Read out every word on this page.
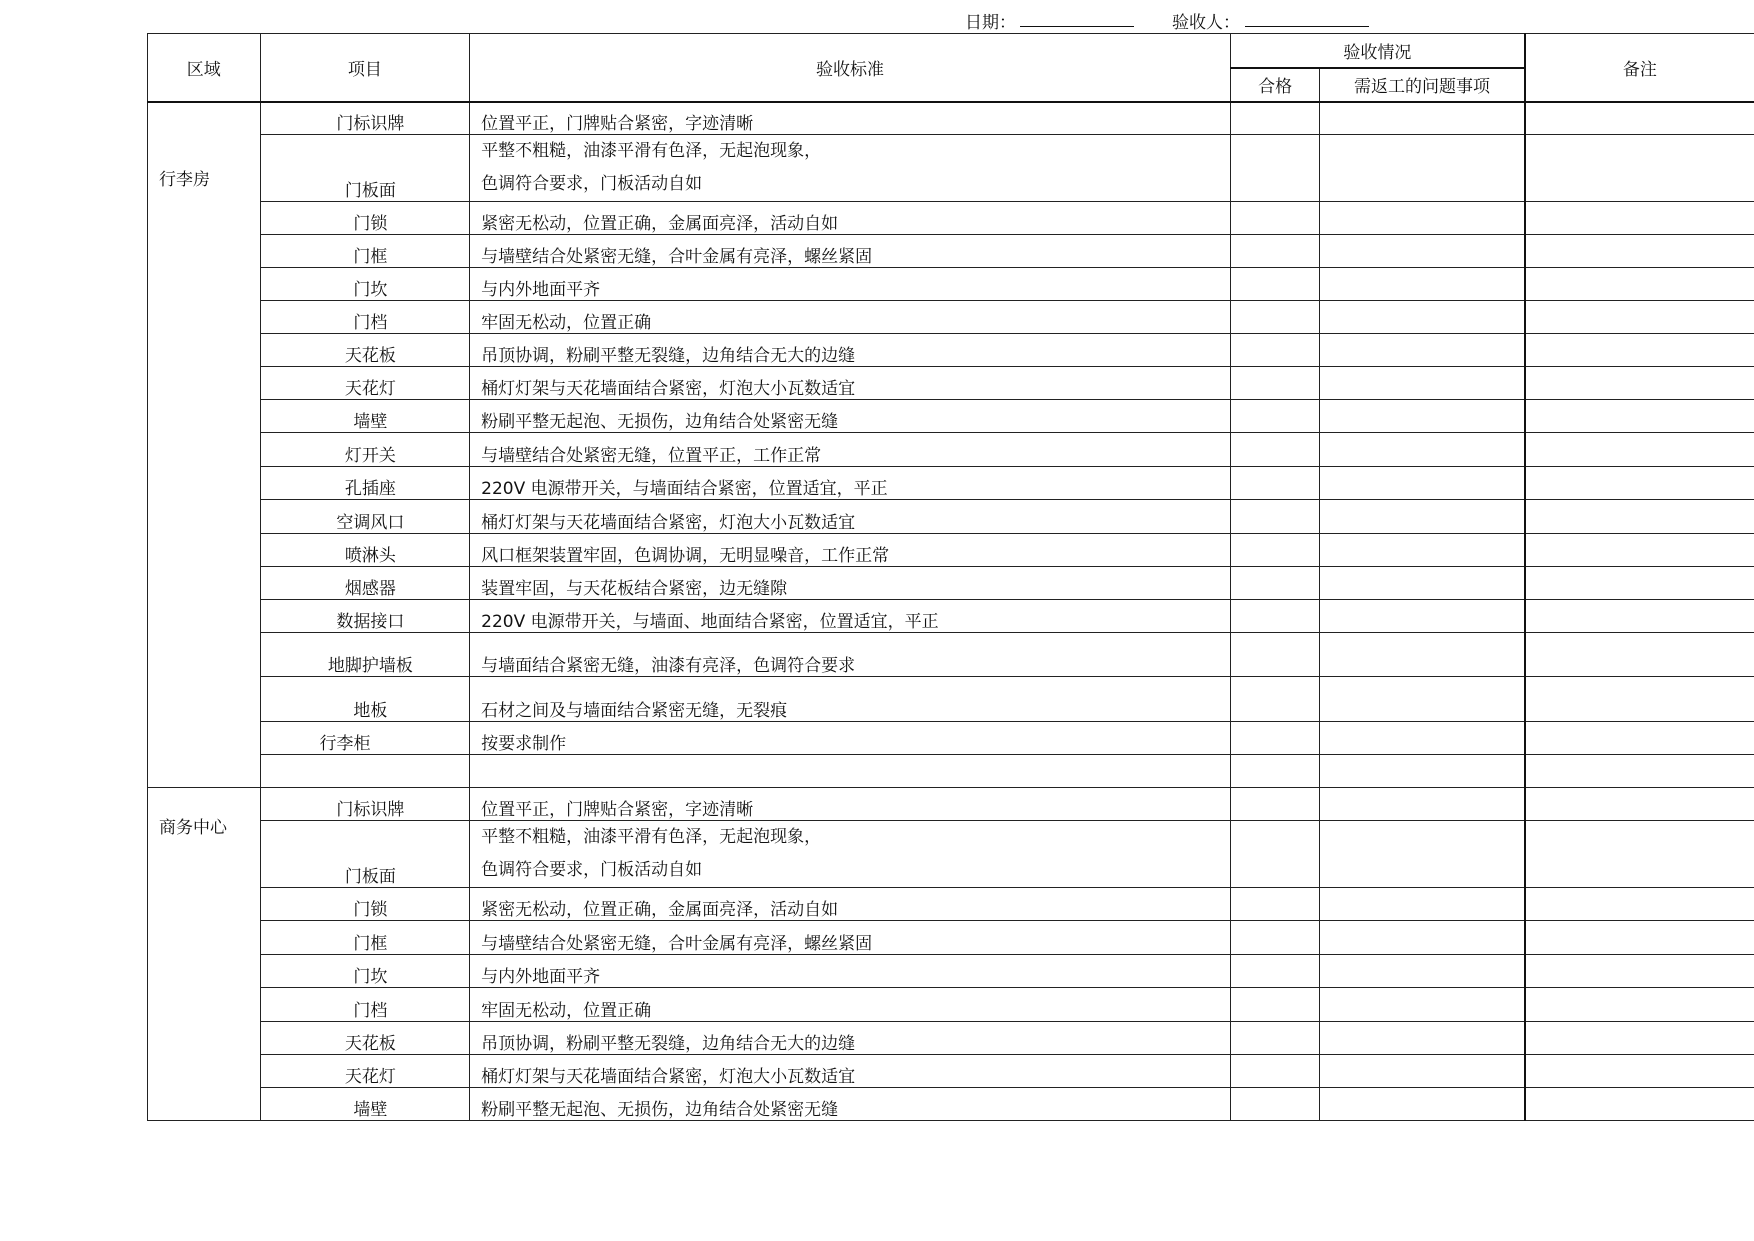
日期：	验收人：
区域	项目	验收标准	验收情况		备注
			合格	需返工的问题事项	
行李房	门标识牌	位置平正，门牌贴合紧密，字迹清晰			

	门板面	平整不粗糙，油漆平滑有色泽，无起泡现象，
色调符合要求，门板活动自如			

	门锁	紧密无松动，位置正确，金属面亮泽，活动自如			

	门框	与墙壁结合处紧密无缝，合叶金属有亮泽，螺丝紧固			

	门坎	与内外地面平齐			

	门档	牢固无松动，位置正确			

	天花板	吊顶协调，粉刷平整无裂缝，边角结合无大的边缝			

	天花灯	桶灯灯架与天花墙面结合紧密，灯泡大小瓦数适宜			

	墙壁	粉刷平整无起泡、无损伤，边角结合处紧密无缝			

	灯开关	与墙壁结合处紧密无缝，位置平正，工作正常			

	孔插座	220V 电源带开关，与墙面结合紧密，位置适宜，平正			

	空调风口	桶灯灯架与天花墙面结合紧密，灯泡大小瓦数适宜			

	喷淋头	风口框架装置牢固，色调协调，无明显噪音，工作正常			

	烟感器	装置牢固，与天花板结合紧密，边无缝隙			

	数据接口	220V 电源带开关，与墙面、地面结合紧密，位置适宜，平正			

	地脚护墙板	与墙面结合紧密无缝，油漆有亮泽，色调符合要求			

	地板	石材之间及与墙面结合紧密无缝，无裂痕			

	行李柜	按要求制作			

商务中心	门标识牌	位置平正，门牌贴合紧密，字迹清晰			

	门板面	平整不粗糙，油漆平滑有色泽，无起泡现象，
色调符合要求，门板活动自如			

	门锁	紧密无松动，位置正确，金属面亮泽，活动自如			

	门框	与墙壁结合处紧密无缝，合叶金属有亮泽，螺丝紧固			

	门坎	与内外地面平齐			

	门档	牢固无松动，位置正确			

	天花板	吊顶协调，粉刷平整无裂缝，边角结合无大的边缝			

	天花灯	桶灯灯架与天花墙面结合紧密，灯泡大小瓦数适宜			

	墙壁	粉刷平整无起泡、无损伤，边角结合处紧密无缝			
